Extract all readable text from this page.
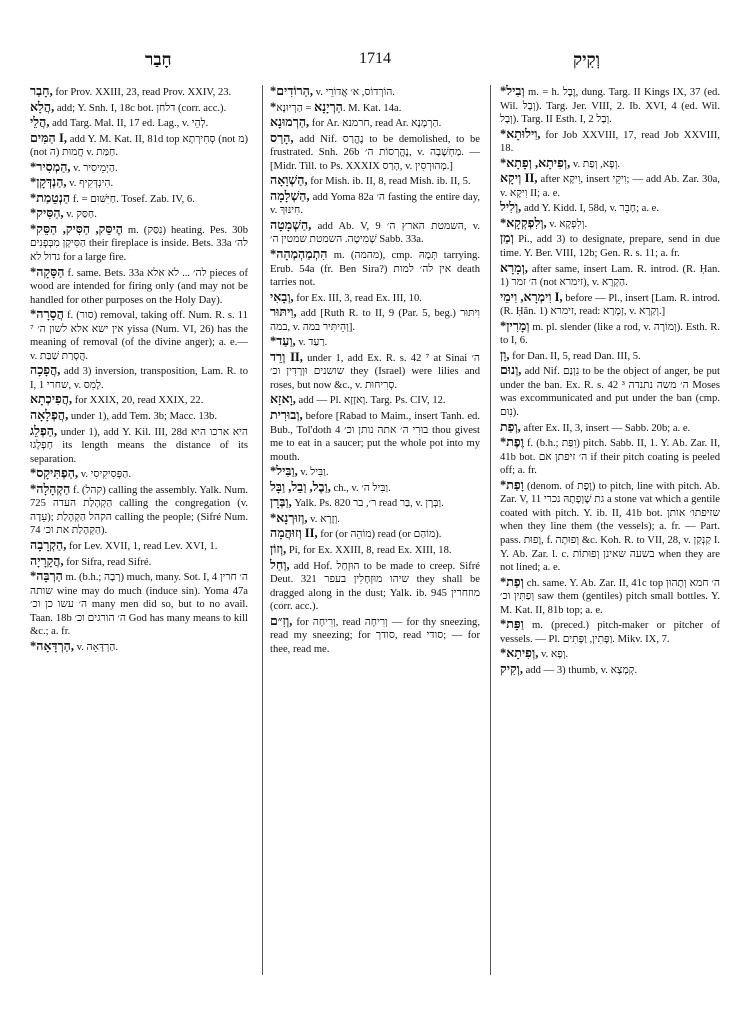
חָבַר	1714	וְקִיק

חָבַר, for Prov. XXIII, 23, read Prov. XXIV, 23.

הֲלָא, add; Y. Snh. I, 18c bot. דלחן (corr. acc.).

הֲלֵי, add Targ. Mal. II, 17 ed. Lag., v. לְהֵי.

הַמִּים I, add Y. M. Kat. II, 81d top סְחִירְתָא (not מ) (not ה) חֲמוּת v. חַמַּת.

*הַמְסִיר, v. הַיְמֵיסִיר.

*הַנְדְּקָן, v. הִינְדְּקִיף.

*הַנְטֵמַת f. = חַיִּשּׁוּם. Tosef. Zab. IV, 6.

*הַסִּיק, v. חַסַּק.

*הֶיסֵּק, הַסִּיק, הַסֵּק m. (נִסַּק) heating. Pes. 30b הַסִּיקְן מִבְּפְנִים their fireplace is inside. Bets. 33a לה׳ גדול לא for a large fire.

*הַסָּקָה f. same. Bets. 33a לה׳ ... לא אלא pieces of wood are intended for firing only (and may not be handled for other purposes on the Holy Day).

*הֲסָרָה f. (סור) removal, taking off. Num. R. s. 11 ⁷ אין ישא אלא לשון ה׳ yissa (Num. VI, 26) has the meaning of removal (of the divine anger); a. e.— v. הֲסָרַת שַׁבַּת.

הֲפָכָה, add 3) inversion, transposition, Lam. R. to I, 1 שחרי, v. לָמִס.

הֲפִיכְתָא, for XXIX, 20, read XXIX, 22.

הֲפְלָאָה, under 1), add Tem. 3b; Macc. 13b.

הַפְלֵג, under 1), add Y. Kil. III, 28d היא ארכו היא חַפְלָגוּ its length means the distance of its separation.

*הַפְתִּיקָס, v. הַפְּסִיקִיסִי.

*הַקְהָלָה f. (קהל) calling the assembly. Yalk. Num. 725 הַקְהָלַת העדה calling the congregation (v. עֵדָה); הקהל הַקְהָלַת calling the people; (Sifré Num. 74 הַקְהָלַת את וכ׳).

הַקְרָבָה, for Lev. XVII, 1, read Lev. XVI, 1.

הֲקָרָיָה, for Sifra, read Sifré.

*הַרְבָּה m. (b.h.; רָבָה) much, many. Sot. I, 4 ה׳ חרין שותה wine may do much (induce sin). Yoma 47a ה׳ עשו כן וכ׳ many men did so, but to no avail. Taan. 18b ה׳ הורגים וכ׳ God has many means to kill &c.; a. fr.

*הַרְדָּאָה, v. הַרְדָּאָה.

*הַרוֹדִים, v. הוֹרְדוֹס, א׳ אֲדוֹרֵי.

*הַרְיָנָא = הַרְיוּנָא. M. Kat. 14a.

הַרְמוּנָא, for Ar. חרמנא, read Ar. הַרְמָנָא.

הָרַס, add Nif. נֶהֱרַס to be demolished, to be frustrated. Snh. 26b נֶהֱרְסוֹת ה׳, v. מַחְשָׁבָה. — [Midr. Till. to Ps. XXXIX הָרַס, v. מְהוּרְסִין.]

הַשְׁוָאָה, for Mish. ib. II, 8, read Mish. ib. II, 5.

הַשְׁלָמָה, add Yoma 82a ה׳ fasting the entire day, v. חִינּוּךְ.

הַשְׁמָטָה, add Ab. V, 9 השמטת הארץ ה׳, v. שְׁמִיטָה. השמטת שמטין ה׳ Sabb. 33a.

*הִתְמַהְמְהָה m. (מהמה), cmp. תְּמָהּ tarrying. Erub. 54a (fr. Ben Sira?) אין לה׳ למות death tarries not.

וְבָאִי, for Ex. III, 3, read Ex. III, 10.

וִיתּוּר, add [Ruth R. to II, 9 (Par. 5, beg.) וִיתּוּר במה, v. וְהֵיתִּיר במה].

*וַעַד, v. רַעַד.

וְרֵד II, under 1, add Ex. R. s. 42 ⁷ at Sinai ה׳ שושנים וּוְרָדִין וכ׳ they (Israel) were lilies and roses, but now &c., v. סְרִיחוּת.

וָאזָא, add — Pl. וָאזָזָא. Targ. Ps. CIV, 12.

וְבוּרִית, before [Rabad to Maim., insert Tanh. ed. Bub., Tol'doth 4 בוּרִי ה׳ אתה נותן וכ׳ thou givest me to eat in a saucer; put the whole pot into my mouth.

*וַבִּיל, v. וַבִּיל.

וַבֶל, וַבֵל, וַבָּל, ch., v. וַבִּיל ה׳.

וַבְּרָן, Yalk. Ps. 820 ר׳, בר read בַּר, v. וַבְּרָן.

*וְזוּרְנָא, v. וְזָרָא.

וְזוּהֲמָה II, for (or מוֹהֵה) read (or מוֹהַם).

וְזוֹן, Pi, for Ex. XXIII, 8, read Ex. XIII, 18.

וְחַל, add Hof. הוּזְחַל to be made to creep. Sifré Deut. 321 שיהו מוּזְחָלִין בעפר they shall be dragged along in the dust; Yalk. ib. 945 מוזחרין (corr. acc.).

וְזִ״ם, for וְרִיחָה, read וְרִיחָה — for thy sneezing, read my sneezing; for סודך, read סודי; — for thee, read me.

*וְבִיל m. = h. וֶבֶל, dung. Targ. II Kings IX, 37 (ed. Wil. וְבָל). Targ. Jer. VIII, 2. Ib. XVI, 4 (ed. Wil. וְבָל). Targ. II Esth. I, 2 וְבָל.

*וִילוּתָא, for Job XXVIII, 17, read Job XXVIII, 18.

*וְפִיתָא, וְפָתָא, v. וְפָא, וְפַת.

וְיקָא II, after וִיקָא, insert וִיקֵי; — add Ab. Zar. 30a, v. וִיקָא II; a. e.

וְלִיל, add Y. Kidd. I, 58d, v. חָבֵר; a. e.

*וְלִפְקְקָא, v. וְלִפְקָא.

וְמַן Pi., add 3) to designate, prepare, send in due time. Y. Ber. VIII, 12b; Gen. R. s. 11; a. fr.

וְמָרָא, after same, insert Lam. R. introd. (R. Ḥan. 1) ה׳ זמר (not זימרא), v. הַקְרָא.

וִימְרָא, וִימֵי I, before — Pl., insert [Lam. R. introd. (R. Ḥăn. 1) זימרא, read: זְמָרָא, v. וְקַרָא.]

*וְמָרִין m. pl. slender (like a rod, v. וְמוֹרָה). Esth. R. to I, 6.

וָן, for Dan. II, 5, read Dan. III, 5.

וְנוּם, add Nif. נִוְנַם to be the object of anger, be put under the ban. Ex. R. s. 42 ³ ה׳ משה נתנדה Moses was excommunicated and put under the ban (cmp. נִוּם).

וְפַת, after Ex. II, 3, insert — Sabb. 20b; a. e.

*וֶפֶת f. (b.h.; וִפַּת) pitch. Sabb. II, 1. Y. Ab. Zar. II, 41b bot. ה׳ זיפתן אם if their pitch coating is peeled off; a. fr.

*וָפַת (denom. of וֶפֶת) to pitch, line with pitch. Ab. Zar. V, 11 גת שֶׁוְפָתָהּ נכרי a stone vat which a gentile coated with pitch. Y. ib. II, 41b bot. שזיפתו׳ אותן when they line them (the vessels); a. fr. — Part. pass. וָפוּת, f. וְפוּתָה &c. Koh. R. to VII, 28, v. קַנְקַן I. Y. Ab. Zar. l. c. בשעה שאינן וְפוּתוֹת when they are not lined; a. e.

*וְפַת ch. same. Y. Ab. Zar. II, 41c top ה׳ חמא וְתָהוּן וְפַתִּין וכ׳ saw them (gentiles) pitch small bottles. Y. M. Kat. II, 81b top; a. e.

*וַפָּת m. (preced.) pitch-maker or pitcher of vessels. — Pl. וַפָּתִין, וַפָּתִים. Mikv. IX, 7.

*וְפִיתָא, v. וְפָא.

וְקִיק, add — 3) thumb, v. קְמָצָא.
